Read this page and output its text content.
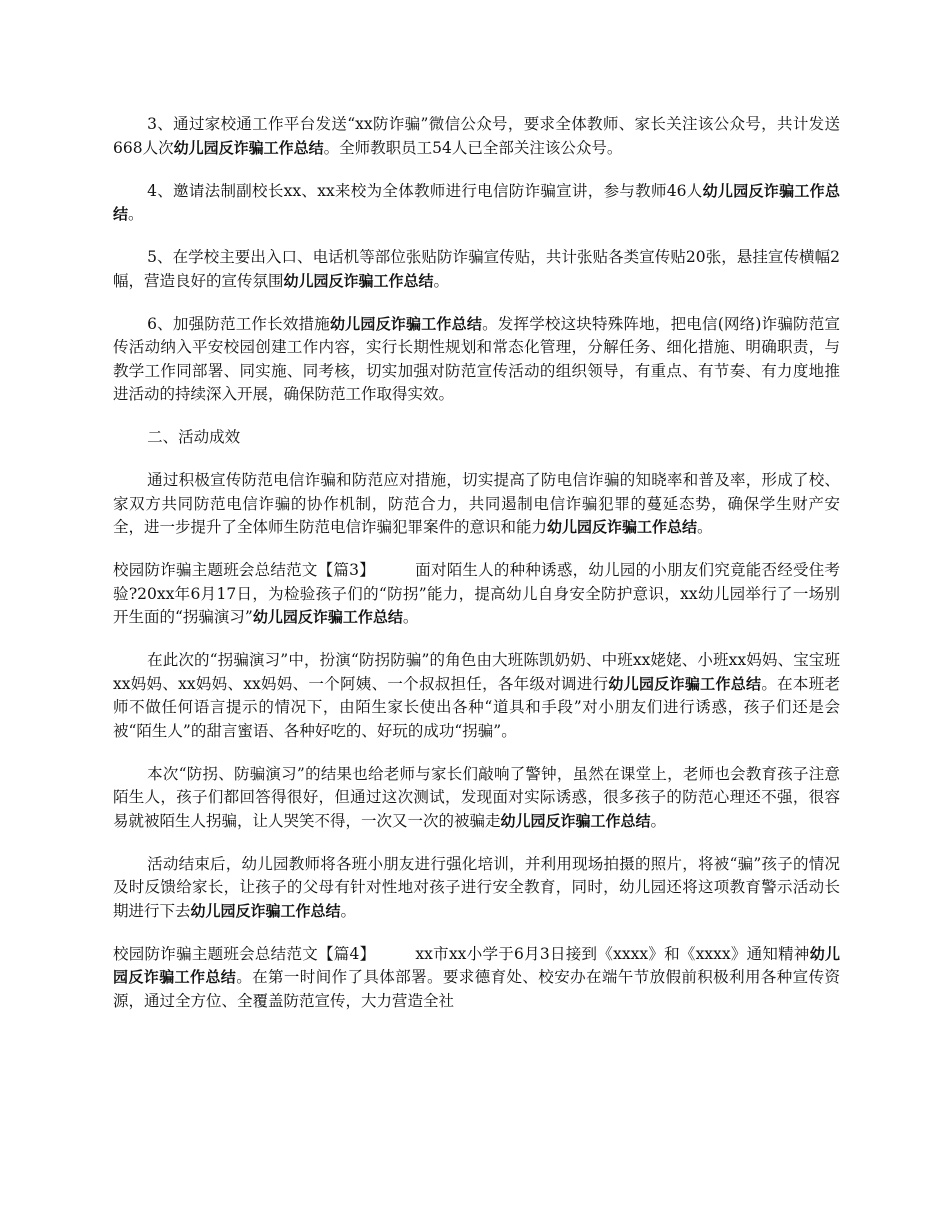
3、通过家校通工作平台发送“xx防诈骗”微信公众号，要求全体教师、家长关注该公众号，共计发送668人次幼儿园反诈骗工作总结。全师教职员工54人已全部关注该公众号。

4、邀请法制副校长xx、xx来校为全体教师进行电信防诈骗宣讲，参与教师46人幼儿园反诈骗工作总结。

5、在学校主要出入口、电话机等部位张贴防诈骗宣传贴，共计张贴各类宣传贴20张，悬挂宣传横幅2幅，营造良好的宣传氛围幼儿园反诈骗工作总结。

6、加强防范工作长效措施幼儿园反诈骗工作总结。发挥学校这块特殊阵地，把电信(网络)诈骗防范宣传活动纳入平安校园创建工作内容，实行长期性规划和常态化管理，分解任务、细化措施、明确职责，与教学工作同部署、同实施、同考核，切实加强对防范宣传活动的组织领导，有重点、有节奏、有力度地推进活动的持续深入开展，确保防范工作取得实效。

二、活动成效

通过积极宣传防范电信诈骗和防范应对措施，切实提高了防电信诈骗的知晓率和普及率，形成了校、家双方共同防范电信诈骗的协作机制，防范合力，共同遏制电信诈骗犯罪的蔓延态势，确保学生财产安全，进一步提升了全体师生防范电信诈骗犯罪案件的意识和能力幼儿园反诈骗工作总结。

校园防诈骗主题班会总结范文【篇3】	面对陌生人的种种诱惑，幼儿园的小朋友们究竟能否经受住考验?20xx年6月17日，为检验孩子们的“防拐”能力，提高幼儿自身安全防护意识，xx幼儿园举行了一场别开生面的“拐骗演习”幼儿园反诈骗工作总结。

在此次的“拐骗演习”中，扮演“防拐防骗”的角色由大班陈凯奶奶、中班xx姥姥、小班xx妈妈、宝宝班xx妈妈、xx妈妈、xx妈妈、一个阿姨、一个叔叔担任，各年级对调进行幼儿园反诈骗工作总结。在本班老师不做任何语言提示的情况下，由陌生家长使出各种“道具和手段”对小朋友们进行诱惑，孩子们还是会被“陌生人”的甜言蜜语、各种好吃的、好玩的成功“拐骗”。

本次“防拐、防骗演习”的结果也给老师与家长们敲响了警钟，虽然在课堂上，老师也会教育孩子注意陌生人，孩子们都回答得很好，但通过这次测试，发现面对实际诱惑，很多孩子的防范心理还不强，很容易就被陌生人拐骗，让人哭笑不得，一次又一次的被骗走幼儿园反诈骗工作总结。

活动结束后，幼儿园教师将各班小朋友进行强化培训，并利用现场拍摄的照片，将被“骗”孩子的情况及时反馈给家长，让孩子的父母有针对性地对孩子进行安全教育，同时，幼儿园还将这项教育警示活动长期进行下去幼儿园反诈骗工作总结。

校园防诈骗主题班会总结范文【篇4】	xx市xx小学于6月3日接到《xxxx》和《xxxx》通知精神幼儿园反诈骗工作总结。在第一时间作了具体部署。要求德育处、校安办在端午节放假前积极利用各种宣传资源，通过全方位、全覆盖防范宣传，大力营造全社
